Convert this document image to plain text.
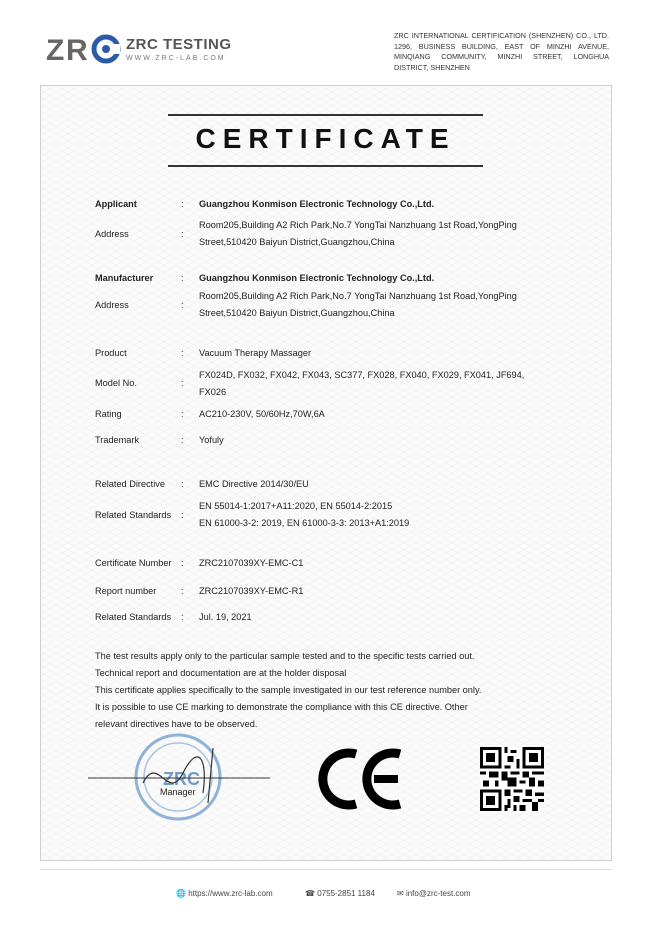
Z R	ZRC TESTING
WWW.ZRC-LAB.COM
ZRC INTERNATIONAL CERTIFICATION (SHENZHEN) CO., LTD. 1296, BUSINESS BUILDING, EAST OF MINZHI AVENUE, MINQIANG COMMUNITY, MINZHI STREET, LONGHUA DISTRICT, SHENZHEN
CERTIFICATE
Applicant	: Guangzhou Konmison Electronic Technology Co.,Ltd.
Address	:
Room205,Building A2 Rich Park,No.7 YongTai Nanzhuang 1st Road,YongPing
Street,510420 Baiyun District,Guangzhou,China
Manufacturer	: Guangzhou Konmison Electronic Technology Co.,Ltd.
Address	:
Room205,Building A2 Rich Park,No.7 YongTai Nanzhuang 1st Road,YongPing
Street,510420 Baiyun District,Guangzhou,China
Product	: Vacuum Therapy Massager
Model No.	:
FX024D, FX032, FX042, FX043, SC377, FX028, FX040, FX029, FX041, JF694,
FX026
Rating	: AC210-230V, 50/60Hz,70W,6A
Trademark	: Yofuly
Related Directive : EMC Directive 2014/30/EU
Related Standards :
EN 55014-1:2017+A11:2020, EN 55014-2:2015
EN 61000-3-2: 2019, EN 61000-3-3: 2013+A1:2019
Certificate Number : ZRC2107039XY-EMC-C1
Report number	: ZRC2107039XY-EMC-R1
Related Standards : Jul. 19, 2021
The test results apply only to the particular sample tested and to the specific tests carried out.
Technical report and documentation are at the holder disposal
This certificate applies specifically to the sample investigated in our test reference number only.
It is possible to use CE marking to demonstrate the compliance with this CE directive. Other
relevant directives have to be observed.
ZRC
Manager
🌐 https://www.zrc-lab.com	☎ 0755-2851 1184	✉ info@zrc-test.com
